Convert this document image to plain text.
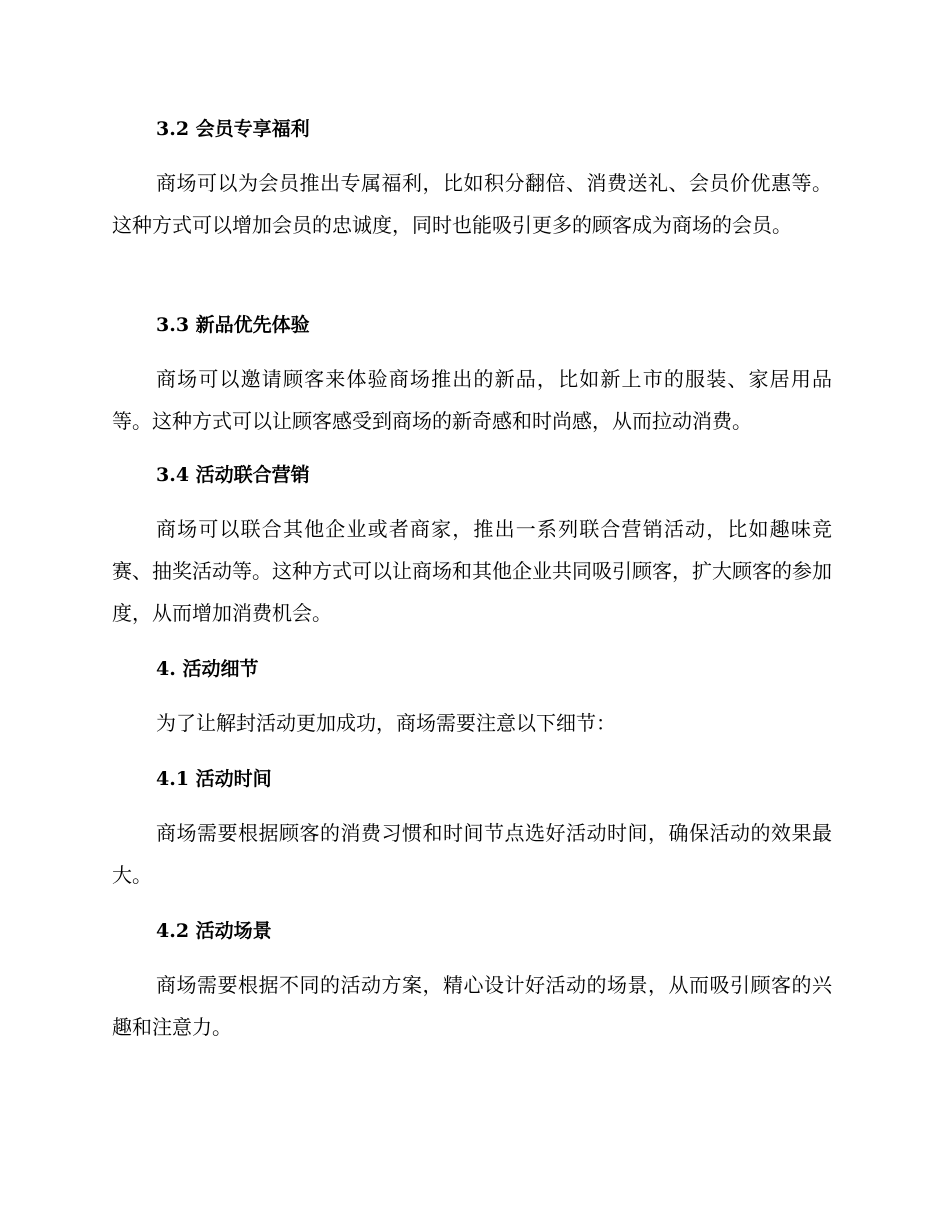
3.2 会员专享福利
商场可以为会员推出专属福利，比如积分翻倍、消费送礼、会员价优惠等。这种方式可以增加会员的忠诚度，同时也能吸引更多的顾客成为商场的会员。
3.3 新品优先体验
商场可以邀请顾客来体验商场推出的新品，比如新上市的服装、家居用品等。这种方式可以让顾客感受到商场的新奇感和时尚感，从而拉动消费。
3.4 活动联合营销
商场可以联合其他企业或者商家，推出一系列联合营销活动，比如趣味竞赛、抽奖活动等。这种方式可以让商场和其他企业共同吸引顾客，扩大顾客的参加度，从而增加消费机会。
4. 活动细节
为了让解封活动更加成功，商场需要注意以下细节：
4.1 活动时间
商场需要根据顾客的消费习惯和时间节点选好活动时间，确保活动的效果最大。
4.2 活动场景
商场需要根据不同的活动方案，精心设计好活动的场景，从而吸引顾客的兴趣和注意力。
